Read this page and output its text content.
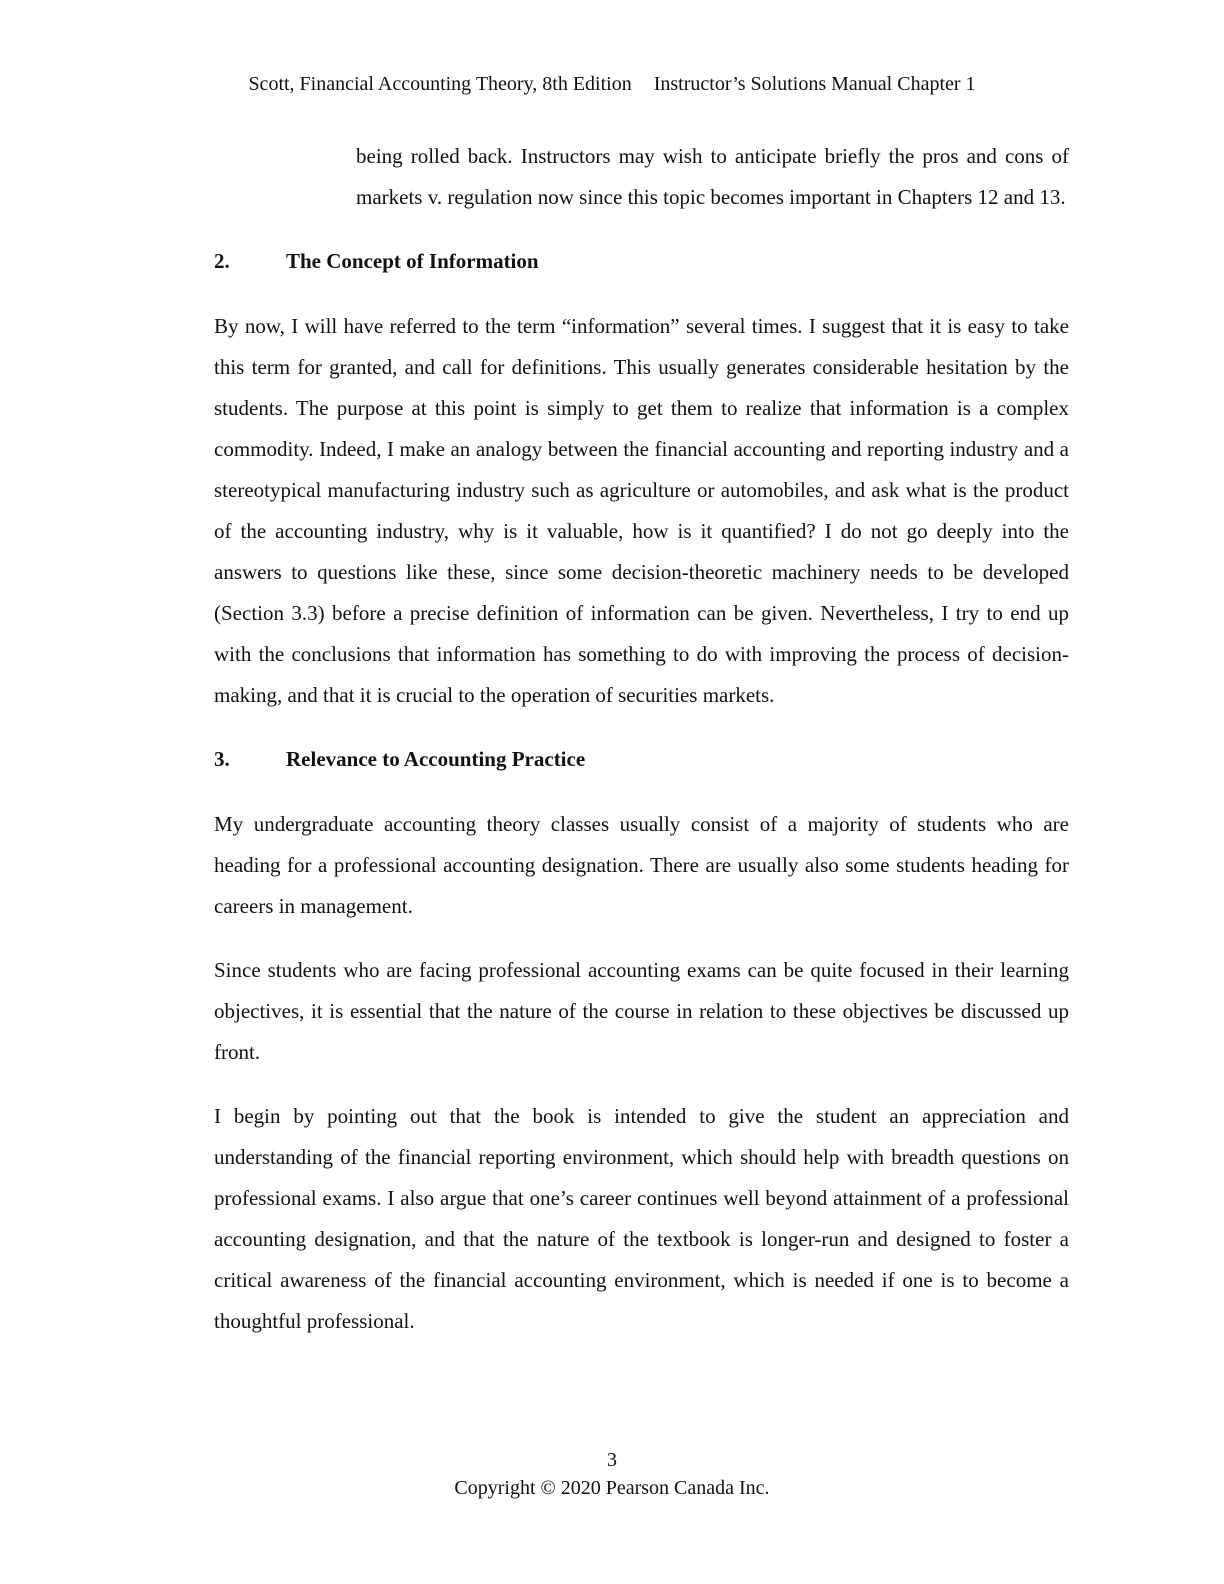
Scott, Financial Accounting Theory, 8th Edition Instructor’s Solutions Manual Chapter 1

being rolled back. Instructors may wish to anticipate briefly the pros and cons of markets v. regulation now since this topic becomes important in Chapters 12 and 13.

2.	The Concept of Information

By now, I will have referred to the term “information” several times. I suggest that it is easy to take this term for granted, and call for definitions. This usually generates considerable hesitation by the students. The purpose at this point is simply to get them to realize that information is a complex commodity. Indeed, I make an analogy between the financial accounting and reporting industry and a stereotypical manufacturing industry such as agriculture or automobiles, and ask what is the product of the accounting industry, why is it valuable, how is it quantified? I do not go deeply into the answers to questions like these, since some decision-theoretic machinery needs to be developed (Section 3.3) before a precise definition of information can be given. Nevertheless, I try to end up with the conclusions that information has something to do with improving the process of decision-making, and that it is crucial to the operation of securities markets.

3.	Relevance to Accounting Practice

My undergraduate accounting theory classes usually consist of a majority of students who are heading for a professional accounting designation. There are usually also some students heading for careers in management.

Since students who are facing professional accounting exams can be quite focused in their learning objectives, it is essential that the nature of the course in relation to these objectives be discussed up front.

I begin by pointing out that the book is intended to give the student an appreciation and understanding of the financial reporting environment, which should help with breadth questions on professional exams. I also argue that one’s career continues well beyond attainment of a professional accounting designation, and that the nature of the textbook is longer-run and designed to foster a critical awareness of the financial accounting environment, which is needed if one is to become a thoughtful professional.

3
Copyright © 2020 Pearson Canada Inc.
